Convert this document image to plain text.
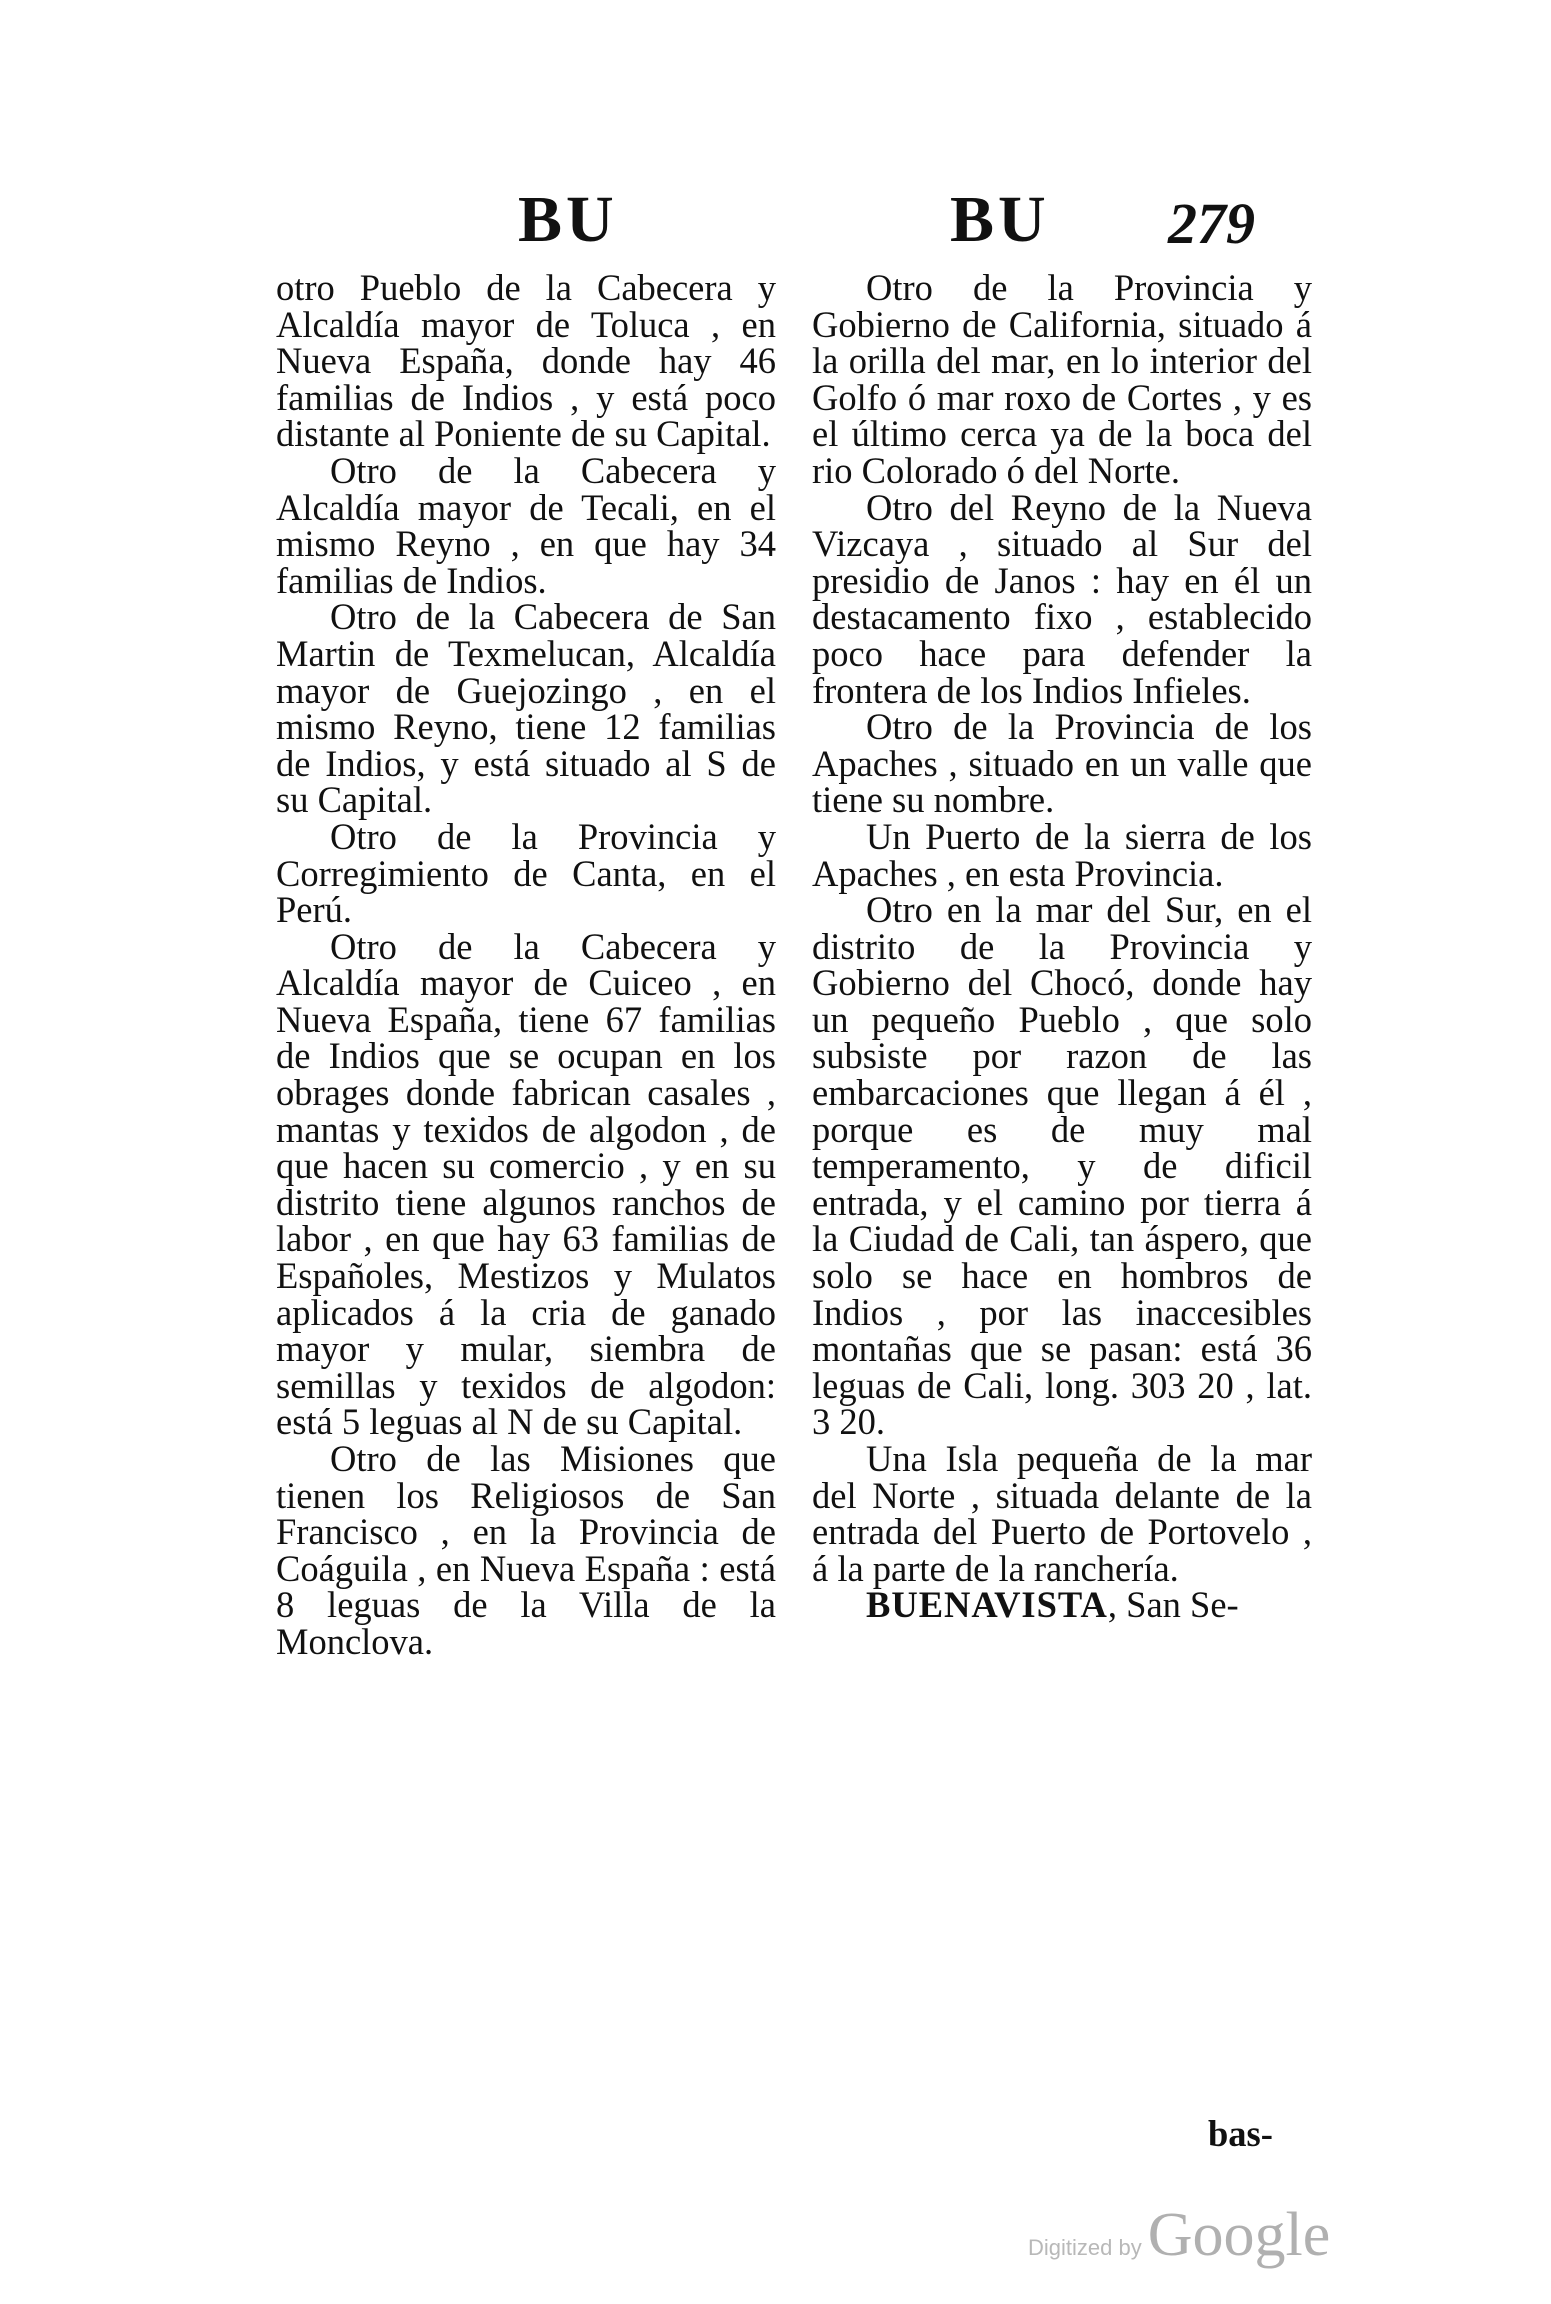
BU	BU 279

otro Pueblo de la Cabecera y Alcaldía mayor de Toluca , en Nueva España, donde hay 46 familias de Indios , y está poco distante al Poniente de su Capital.

Otro de la Cabecera y Alcaldía mayor de Tecali, en el mismo Reyno , en que hay 34 familias de Indios.

Otro de la Cabecera de San Martin de Texmelucan, Alcaldía mayor de Guejozingo , en el mismo Reyno, tiene 12 familias de Indios, y está situado al S de su Capital.

Otro de la Provincia y Corregimiento de Canta, en el Perú.

Otro de la Cabecera y Alcaldía mayor de Cuiceo , en Nueva España, tiene 67 familias de Indios que se ocupan en los obrages donde fabrican casales , mantas y texidos de algodon , de que hacen su comercio , y en su distrito tiene algunos ranchos de labor , en que hay 63 familias de Españoles, Mestizos y Mulatos aplicados á la cria de ganado mayor y mular, siembra de semillas y texidos de algodon: está 5 leguas al N de su Capital.

Otro de las Misiones que tienen los Religiosos de San Francisco , en la Provincia de Coáguila , en Nueva España : está 8 leguas de la Villa de la Monclova.

Otro de la Provincia y Gobierno de California, situado á la orilla del mar, en lo interior del Golfo ó mar roxo de Cortes , y es el último cerca ya de la boca del rio Colorado ó del Norte.

Otro del Reyno de la Nueva Vizcaya , situado al Sur del presidio de Janos : hay en él un destacamento fixo , establecido poco hace para defender la frontera de los Indios Infieles.

Otro de la Provincia de los Apaches , situado en un valle que tiene su nombre.

Un Puerto de la sierra de los Apaches , en esta Provincia.

Otro en la mar del Sur, en el distrito de la Provincia y Gobierno del Chocó, donde hay un pequeño Pueblo , que solo subsiste por razon de las embarcaciones que llegan á él , porque es de muy mal temperamento, y de dificil entrada, y el camino por tierra á la Ciudad de Cali, tan áspero, que solo se hace en hombros de Indios , por las inaccesibles montañas que se pasan: está 36 leguas de Cali, long. 303 20 , lat. 3 20.

Una Isla pequeña de la mar del Norte , situada delante de la entrada del Puerto de Portovelo , á la parte de la ranchería.

BUENAVISTA, San Se-

bas-
Digitized by Google
